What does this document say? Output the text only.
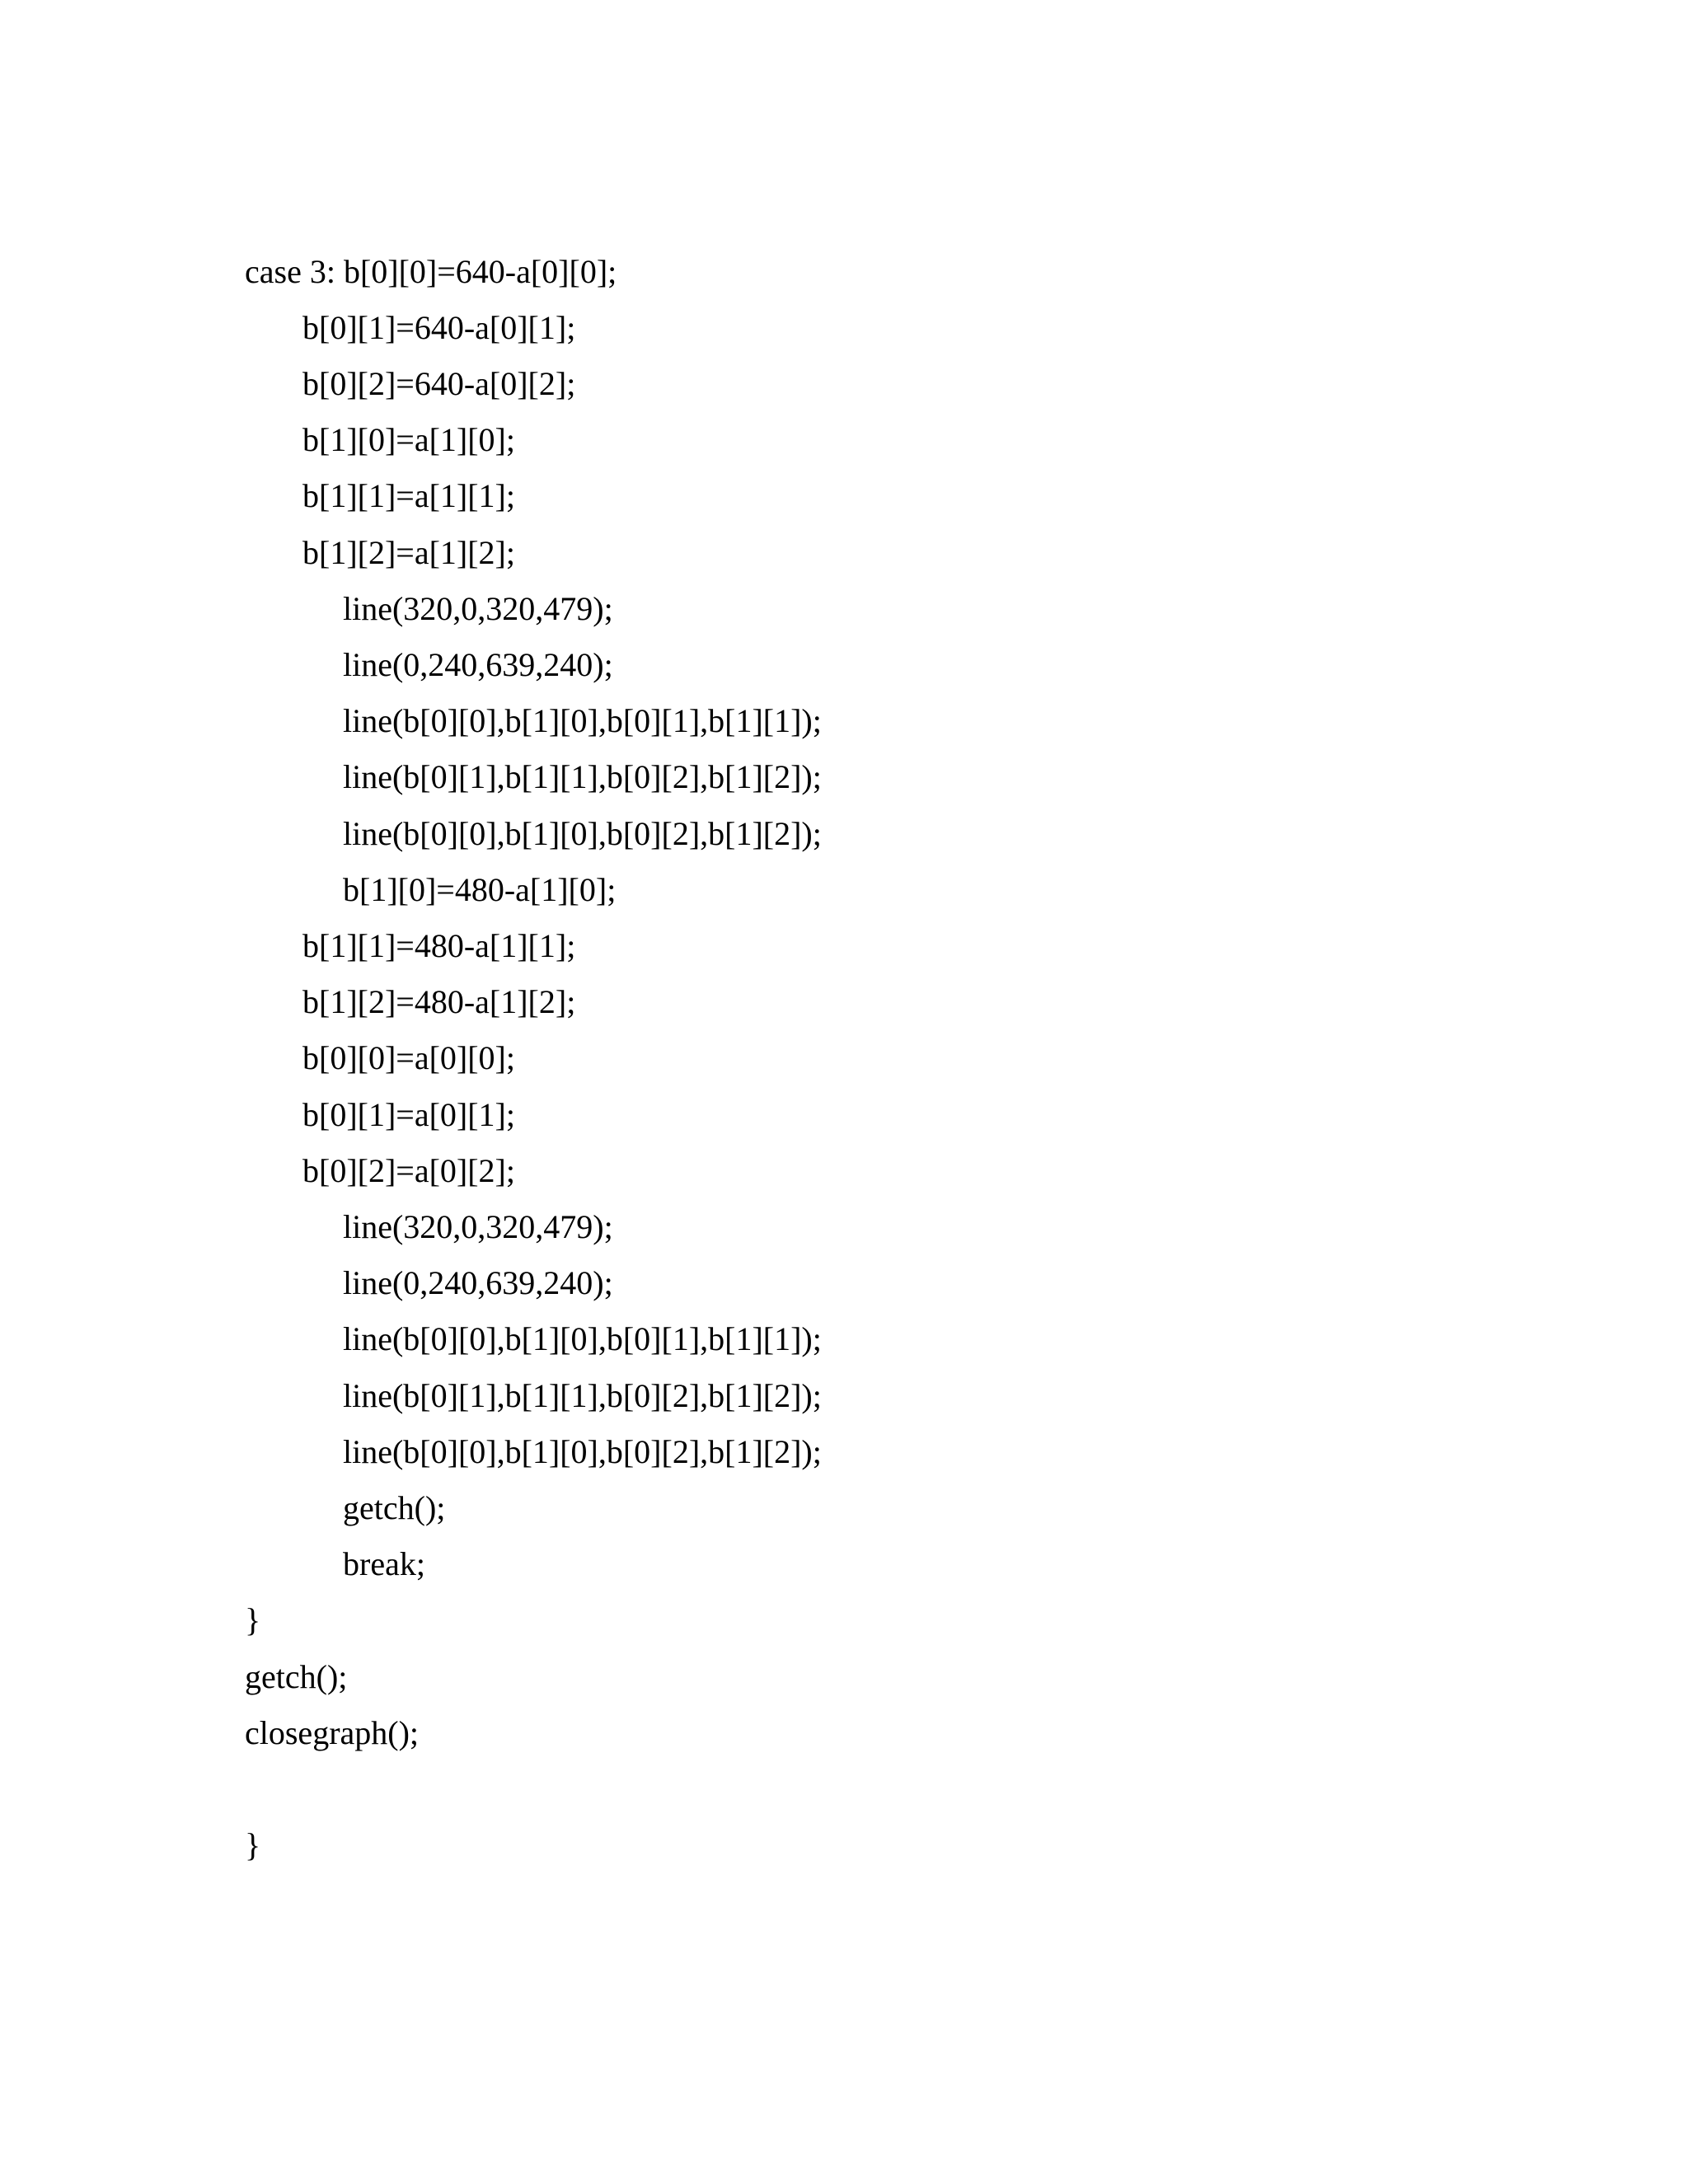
case 3: b[0][0]=640-a[0][0];
b[0][1]=640-a[0][1];
b[0][2]=640-a[0][2];
b[1][0]=a[1][0];
b[1][1]=a[1][1];
b[1][2]=a[1][2];
line(320,0,320,479);
line(0,240,639,240);
line(b[0][0],b[1][0],b[0][1],b[1][1]);
line(b[0][1],b[1][1],b[0][2],b[1][2]);
line(b[0][0],b[1][0],b[0][2],b[1][2]);
b[1][0]=480-a[1][0];
b[1][1]=480-a[1][1];
b[1][2]=480-a[1][2];
b[0][0]=a[0][0];
b[0][1]=a[0][1];
b[0][2]=a[0][2];
line(320,0,320,479);
line(0,240,639,240);
line(b[0][0],b[1][0],b[0][1],b[1][1]);
line(b[0][1],b[1][1],b[0][2],b[1][2]);
line(b[0][0],b[1][0],b[0][2],b[1][2]);
getch();
break;
}
getch();
closegraph();
}
